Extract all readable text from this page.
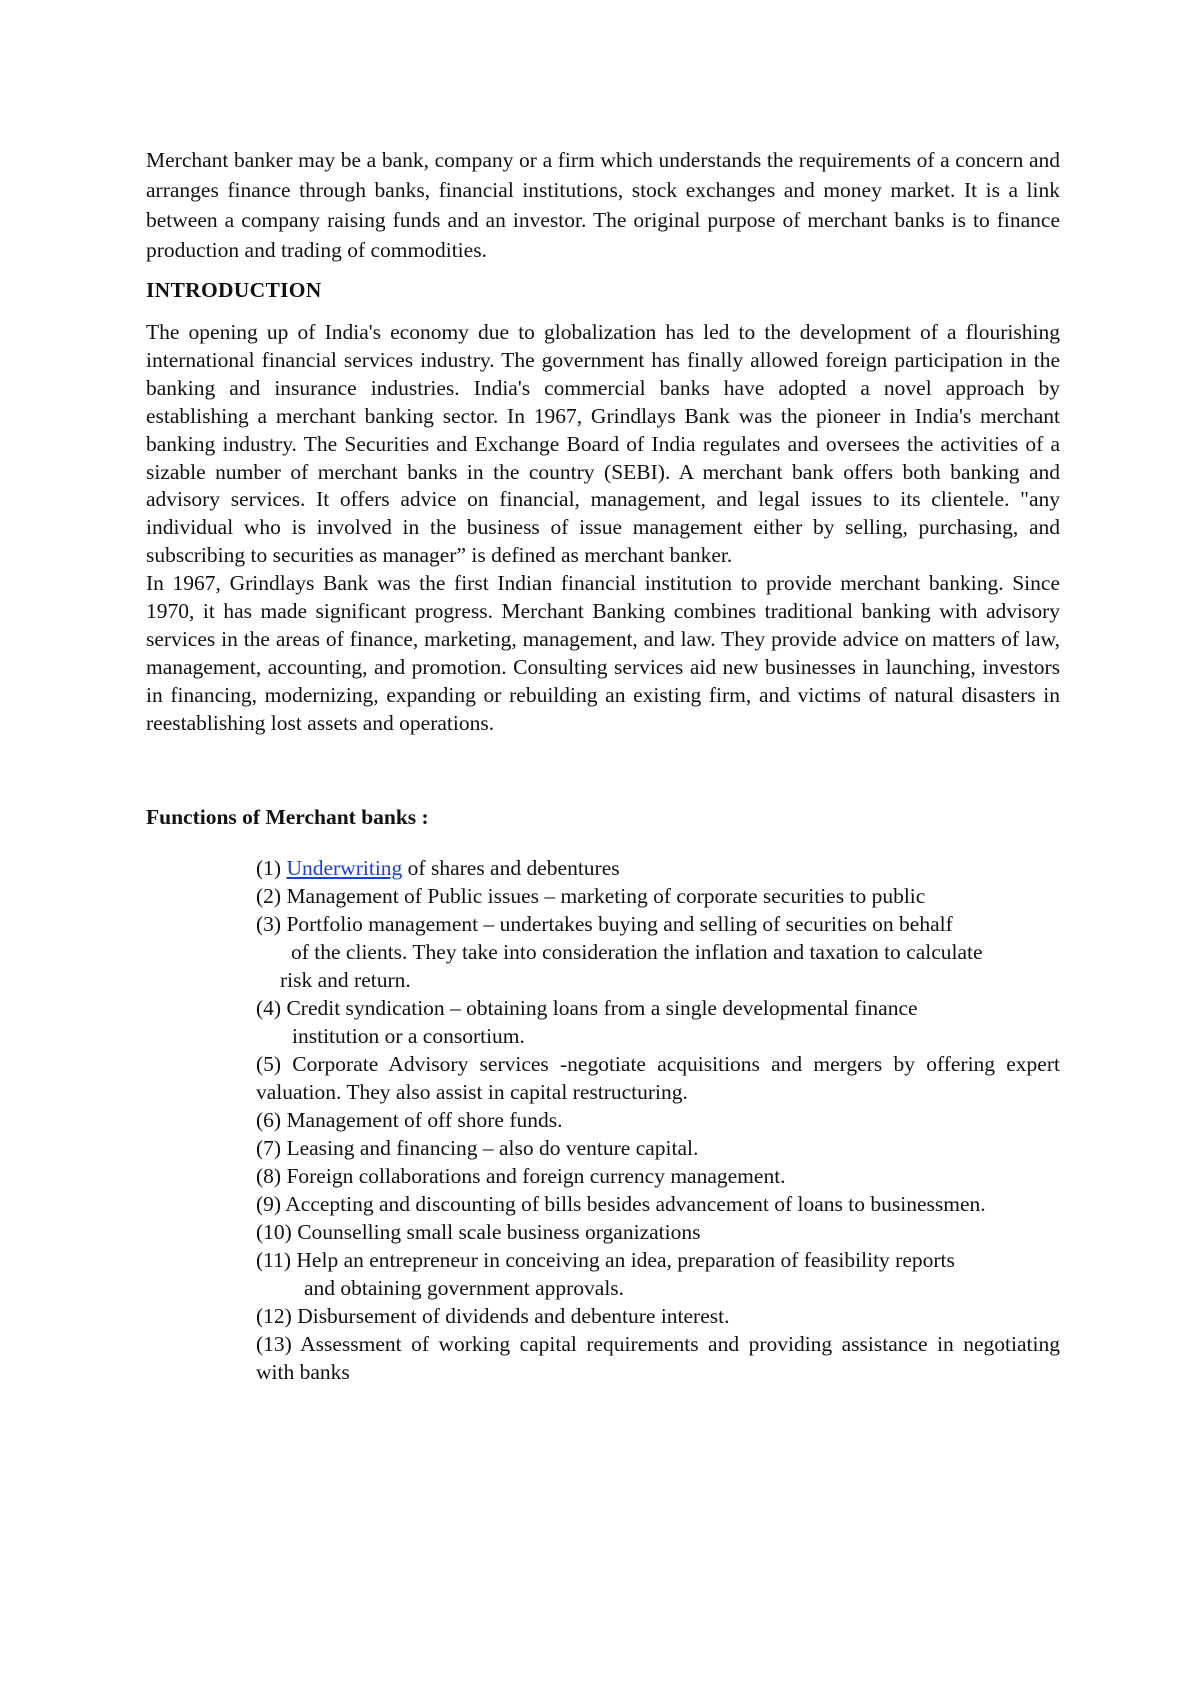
Merchant banker may be a bank, company or a firm which understands the requirements of a concern and arranges finance through banks, financial institutions, stock exchanges and money market. It is a link between a company raising funds and an investor. The original purpose of merchant banks is to finance production and trading of commodities.

INTRODUCTION

The opening up of India's economy due to globalization has led to the development of a flourishing international financial services industry. The government has finally allowed foreign participation in the banking and insurance industries. India's commercial banks have adopted a novel approach by establishing a merchant banking sector. In 1967, Grindlays Bank was the pioneer in India's merchant banking industry. The Securities and Exchange Board of India regulates and oversees the activities of a sizable number of merchant banks in the country (SEBI). A merchant bank offers both banking and advisory services. It offers advice on financial, management, and legal issues to its clientele. "any individual who is involved in the business of issue management either by selling, purchasing, and subscribing to securities as manager” is defined as merchant banker.

In 1967, Grindlays Bank was the first Indian financial institution to provide merchant banking. Since 1970, it has made significant progress. Merchant Banking combines traditional banking with advisory services in the areas of finance, marketing, management, and law. They provide advice on matters of law, management, accounting, and promotion. Consulting services aid new businesses in launching, investors in financing, modernizing, expanding or rebuilding an existing firm, and victims of natural disasters in reestablishing lost assets and operations.

Functions of Merchant banks :
(1) Underwriting of shares and debentures
(2) Management of Public issues – marketing of corporate securities to public
(3) Portfolio management – undertakes buying and selling of securities on behalf
of the clients. They take into consideration the inflation and taxation to calculate
risk and return.
(4) Credit syndication – obtaining loans from a single developmental finance
institution or a consortium.
(5) Corporate Advisory services -negotiate acquisitions and mergers by offering expert valuation. They also assist in capital restructuring.
(6) Management of off shore funds.
(7) Leasing and financing – also do venture capital.
(8) Foreign collaborations and foreign currency management.
(9) Accepting and discounting of bills besides advancement of loans to businessmen.
(10) Counselling small scale business organizations
(11) Help an entrepreneur in conceiving an idea, preparation of feasibility reports
and obtaining government approvals.
(12) Disbursement of dividends and debenture interest.
(13) Assessment of working capital requirements and providing assistance in negotiating with banks
